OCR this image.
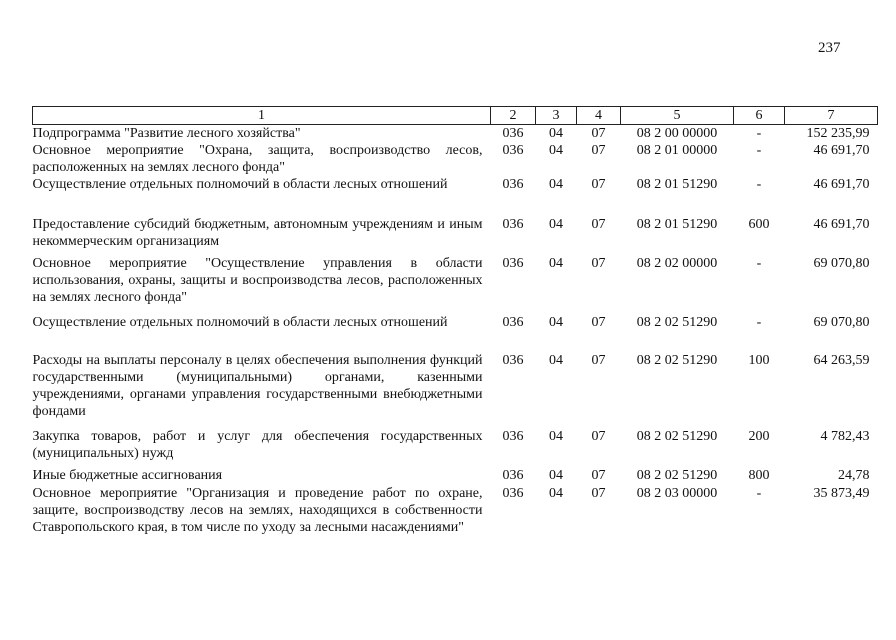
237
1	2	3	4	5	6	7
Подпрограмма "Развитие лесного хозяйства"	036	04	07	08 2 00 00000	-	152 235,99
Основное мероприятие "Охрана, защита, воспроизводство лесов, расположенных на землях лесного фонда"	036	04	07	08 2 01 00000	-	46 691,70
Осуществление отдельных полномочий в области лесных отношений	036	04	07	08 2 01 51290	-	46 691,70
Предоставление субсидий бюджетным, автономным учреждениям и иным некоммерческим организациям	036	04	07	08 2 01 51290	600	46 691,70
Основное мероприятие "Осуществление управления в области использования, охраны, защиты и воспроизводства лесов, расположенных на землях лесного фонда"	036	04	07	08 2 02 00000	-	69 070,80
Осуществление отдельных полномочий в области лесных отношений	036	04	07	08 2 02 51290	-	69 070,80
Расходы на выплаты персоналу в целях обеспечения выполнения функций государственными (муниципальными) органами, казенными учреждениями, органами управления государственными внебюджетными фондами	036	04	07	08 2 02 51290	100	64 263,59
Закупка товаров, работ и услуг для обеспечения государственных (муниципальных) нужд	036	04	07	08 2 02 51290	200	4 782,43
Иные бюджетные ассигнования	036	04	07	08 2 02 51290	800	24,78
Основное мероприятие "Организация и проведение работ по охране, защите, воспроизводству лесов на землях, находящихся в собственности Ставропольского края, в том числе по уходу за лесными насаждениями"	036	04	07	08 2 03 00000	-	35 873,49
